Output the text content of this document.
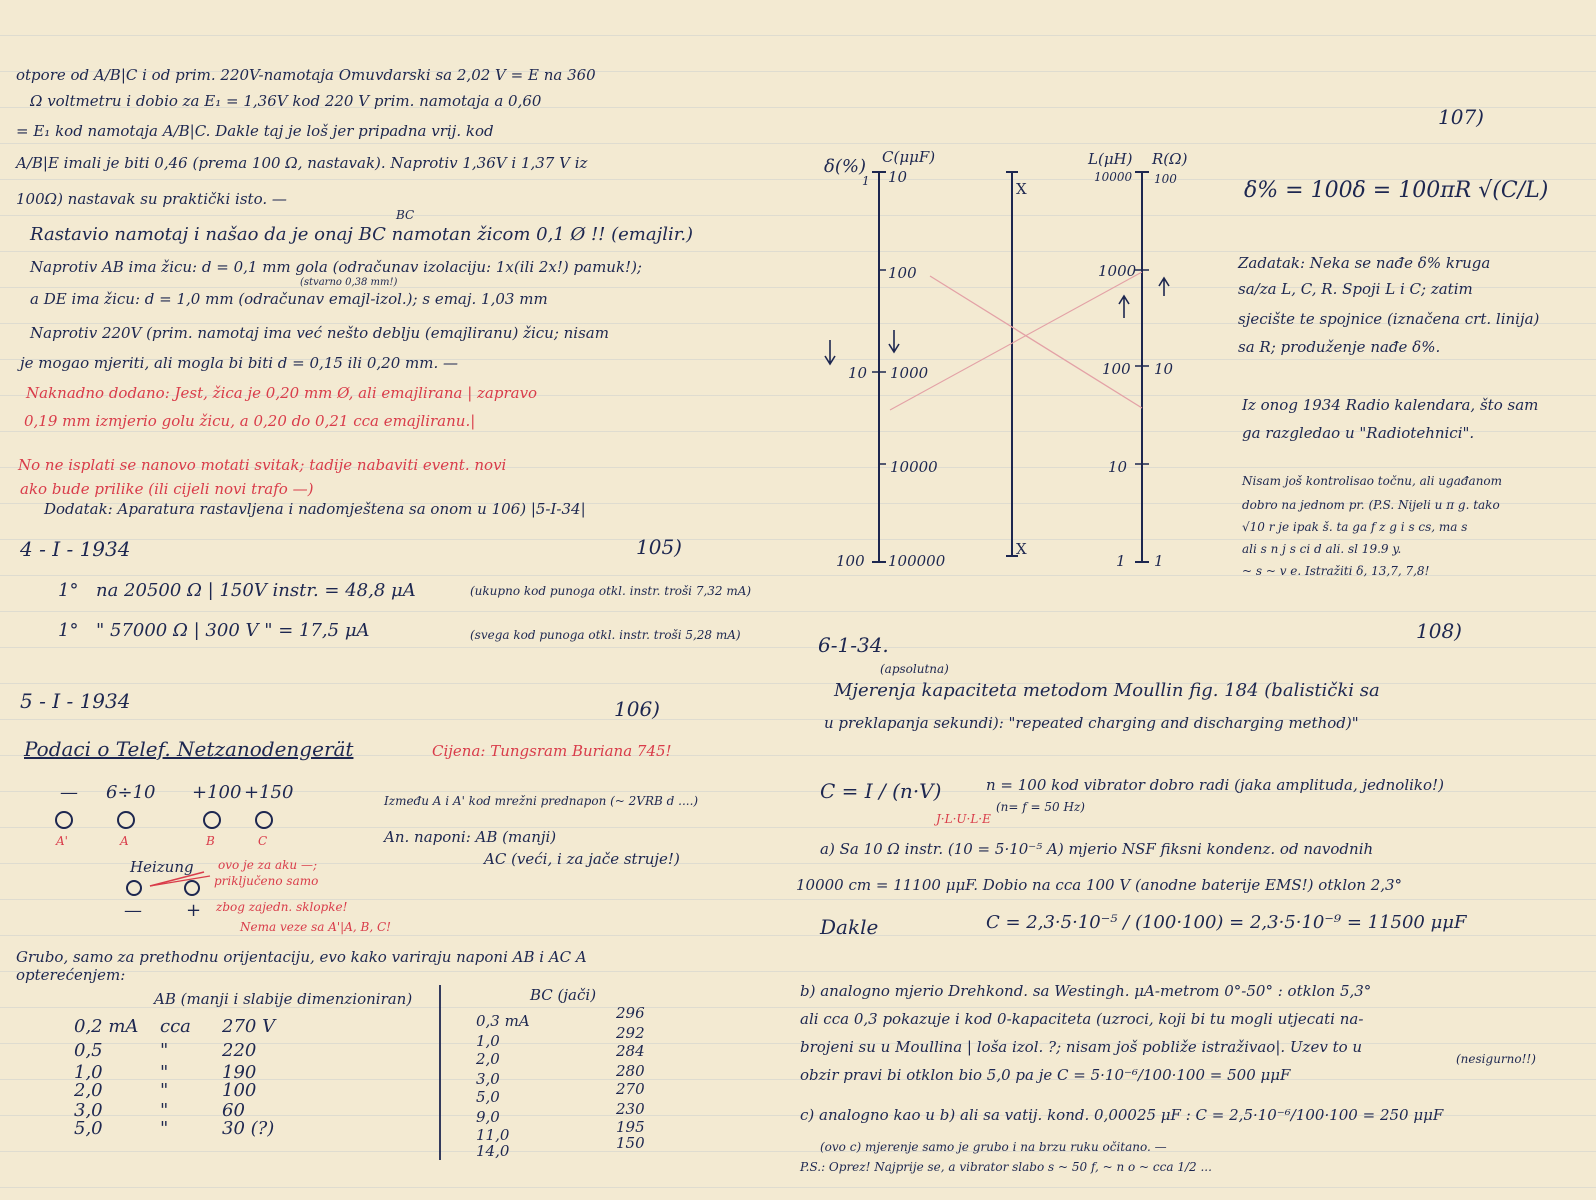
otpore od A/B|C i od prim. 220V-namotaja Omuvdarski sa 2,02 V = E na 360
Ω voltmetru i dobio za E₁ = 1,36V kod 220 V prim. namotaja a 0,60
= E₁ kod namotaja A/B|C. Dakle taj je loš jer pripadna vrij. kod
A/B|E imali je biti 0,46 (prema 100 Ω, nastavak). Naprotiv 1,36V i 1,37 V iz
100Ω) nastavak su praktički isto. —
BC
Rastavio namotaj i našao da je onaj BC namotan žicom 0,1 Ø !! (emajlir.)
Naprotiv AB ima žicu: d = 0,1 mm gola (odračunav izolaciju: 1x(ili 2x!) pamuk!);
(stvarno 0,38 mm!)
a DE ima žicu: d = 1,0 mm (odračunav emajl-izol.); s emaj. 1,03 mm
Naprotiv 220V (prim. namotaj ima već nešto deblju (emajliranu) žicu; nisam
je mogao mjeriti, ali mogla bi biti d = 0,15 ili 0,20 mm. —
Naknadno dodano: Jest, žica je 0,20 mm Ø, ali emajlirana | zapravo
0,19 mm izmjerio golu žicu, a 0,20 do 0,21 cca emajliranu.|
No ne isplati se nanovo motati svitak; tadije nabaviti event. novi
ako bude prilike (ili cijeli novi trafo —)
Dodatak: Aparatura rastavljena i nadomještena sa onom u 106) |5-I-34|
4 - I - 1934	105)
1° na 20500 Ω | 150V instr. = 48,8 μA	(ukupno kod punoga otkl. instr. troši 7,32 mA)
1° " 57000 Ω | 300 V " = 17,5 μA	(svega kod punoga otkl. instr. troši 5,28 mA)
5 - I - 1934	106)
Podaci o Telef. Netzanodengerät	Cijena: Tungsram Buriana 745!
— 6÷10 +100 +150
A'	A	B	C
Heizung
— +
ovo je za aku —;
priključeno samo
zbog zajedn. sklopke!
Nema veze sa A'|A, B, C!
Između A i A' kod mrežni prednapon (~ 2VRB d ....)
An. naponi: AB (manji)
AC (veći, i za jače struje!)
Grubo, samo za prethodnu orijentaciju, evo kako variraju naponi AB i AC A
opterećenjem:
AB (manji i slabije dimenzioniran)	BC (jači)
0,2 mA cca 270 V
0,5	"	220
1,0	"	190
2,0	"	100
3,0	"	60
5,0	"	30 (?)
0,3 mA	296
1,0	292
2,0	284
3,0	280
5,0	270
9,0	230
11,0	195
14,0	150
107)
δ(%) C(μμF)
1
10
100
10
100
1000
10000
100000
X
X
L(μH)
10000
R(Ω)
1000
100
10
1
100
10
1
δ% = 100δ = 100πR √(C/L)
Zadatak: Neka se nađe δ% kruga
sa/za L, C, R. Spoji L i C; zatim
sjecište te spojnice (iznačena crt. linija)
sa R; produženje nađe δ%.
Iz onog 1934 Radio kalendara, što sam
ga razgledao u "Radiotehnici".
Nisam još kontrolisao točnu, ali ugađanom
dobro na jednom pr. (P.S. Nijeli u π g. tako
√10 r je ipak š. ta ga f z g i s cs, ma s
ali s n j s ci d ali. sl 19.9 y.
~ s ~ v e. Istražiti δ, 13,7, 7,8!
6-1-34.
108)
(apsolutna)
Mjerenja kapaciteta metodom Moullin fig. 184 (balistički sa
u preklapanja sekundi): "repeated charging and discharging method)"
C = I / (n·V)	n = 100 kod vibrator dobro radi (jaka amplituda, jednoliko!)
(n= f = 50 Hz)
J·L·U·L·E
a) Sa 10 Ω instr. (10 = 5·10⁻⁵ A) mjerio NSF fiksni kondenz. od navodnih
10000 cm = 11100 μμF. Dobio na cca 100 V (anodne baterije EMS!) otklon 2,3°
Dakle	C = 2,3·5·10⁻⁵ / (100·100) = 2,3·5·10⁻⁹ = 11500 μμF
b) analogno mjerio Drehkond. sa Westingh. μA-metrom 0°-50° : otklon 5,3°
ali cca 0,3 pokazuje i kod 0-kapaciteta (uzroci, koji bi tu mogli utjecati na-
brojeni su u Moullina | loša izol. ?; nisam još pobliže istraživao|. Uzev to u
obzir pravi bi otklon bio 5,0 pa je C = 5·10⁻⁶/100·100 = 500 μμF
(nesigurno!!)
c) analogno kao u b) ali sa vatij. kond. 0,00025 μF : C = 2,5·10⁻⁶/100·100 = 250 μμF
(ovo c) mjerenje samo je grubo i na brzu ruku očitano. —
P.S.: Oprez! Najprije se, a vibrator slabo s ~ 50 f, ~ n o ~ cca 1/2 ...
